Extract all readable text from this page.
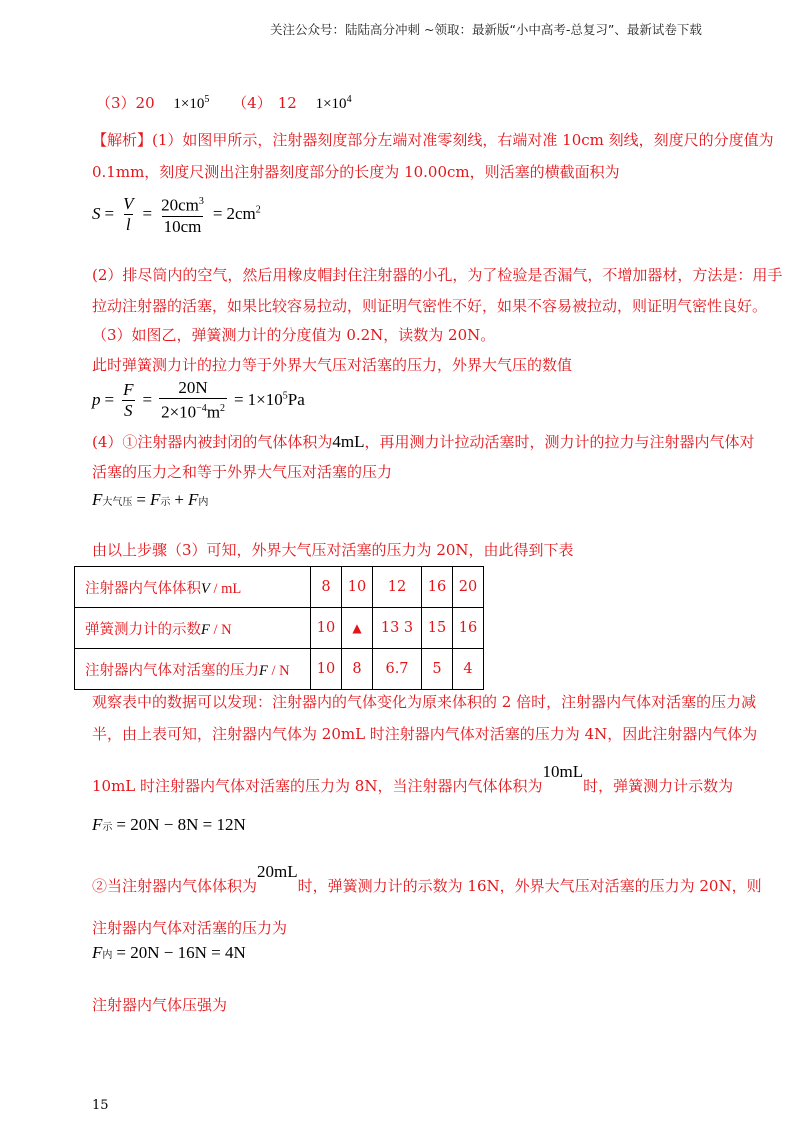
关注公众号：陆陆高分冲刺 ~领取：最新版“小中高考-总复习”、最新试卷下载
（3）20 $1\times 10^5$ （4） 12 $1\times 10^4$
【解析】(1）如图甲所示，注射器刻度部分左端对准零刻线，右端对准 10cm 刻线，刻度尺的分度值为
0.1mm，刻度尺测出注射器刻度部分的长度为 10.00cm，则活塞的横截面积为
$S = \frac{V}{l} = \frac{20cm^3}{10cm} = 2cm^2$
(2）排尽筒内的空气，然后用橡皮帽封住注射器的小孔，为了检验是否漏气，不增加器材，方法是：用手
拉动注射器的活塞，如果比较容易拉动，则证明气密性不好，如果不容易被拉动，则证明气密性良好。
（3）如图乙，弹簧测力计的分度值为 0.2N，读数为 20N。
此时弹簧测力计的拉力等于外界大气压对活塞的压力，外界大气压的数值
$p = \frac{F}{S} = \frac{20N}{2\times 10^{-4}m^2} = 1\times 10^5Pa$
(4）①注射器内被封闭的气体体积为4mL，再用测力计拉动活塞时，测力计的拉力与注射器内气体对
活塞的压力之和等于外界大气压对活塞的压力
F 大气压 = F 示 + F 内
由以上步骤（3）可知，外界大气压对活塞的压力为 20N，由此得到下表
注射器内气体体积V / mL	8	10	12	16	20
弹簧测力计的示数F / N	10	▲	13 3	15	16
注射器内气体对活塞的压力F / N	10	8	6.7	5	4
观察表中的数据可以发现：注射器内的气体变化为原来体积的 2 倍时，注射器内气体对活塞的压力减
半，由上表可知，注射器内气体为 20mL 时注射器内气体对活塞的压力为 4N，因此注射器内气体为
10mL 时注射器内气体对活塞的压力为 8N，当注射器内气体体积为10mL时，弹簧测力计示数为
F 示 = 20N − 8N = 12N
②当注射器内气体体积为20mL时，弹簧测力计的示数为 16N，外界大气压对活塞的压力为 20N，则
注射器内气体对活塞的压力为
F 内 = 20N − 16N = 4N
注射器内气体压强为
15
